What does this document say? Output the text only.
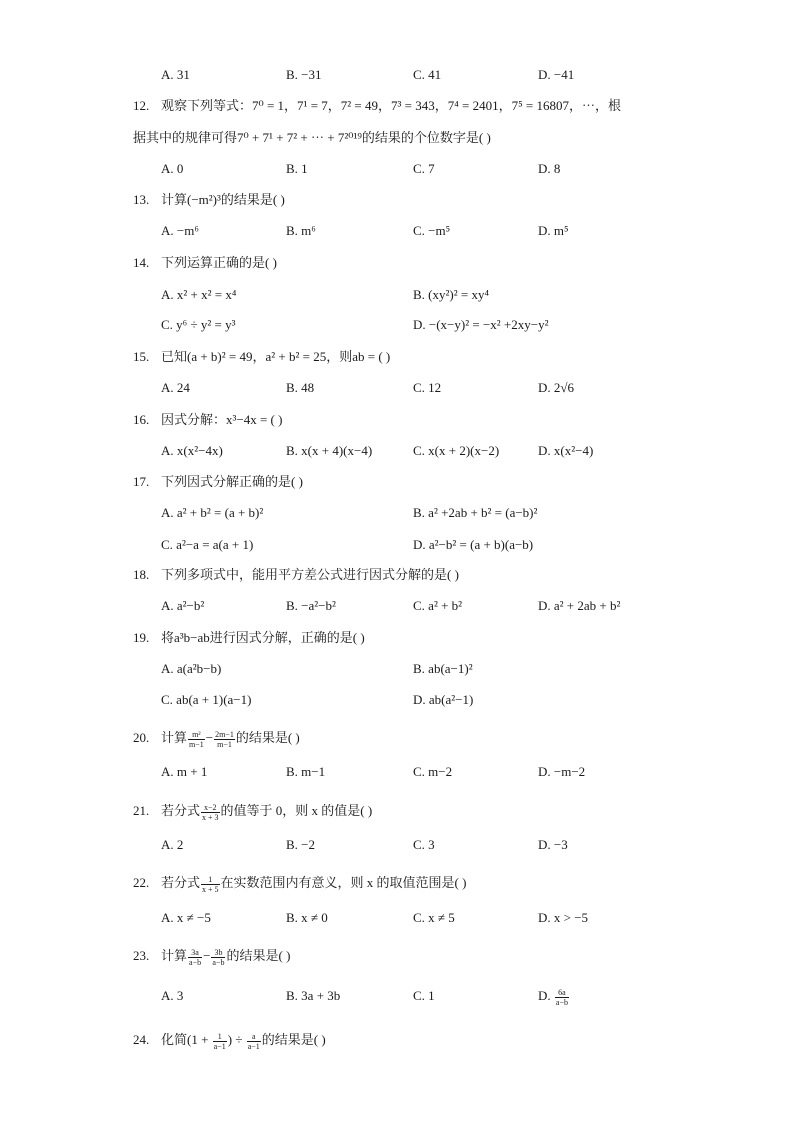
A. 31	B. −31	C. 41	D. −41
12. 观察下列等式：7⁰ = 1，7¹ = 7，7² = 49，7³ = 343，7⁴ = 2401，7⁵ = 16807，⋯，根
据其中的规律可得7⁰ + 7¹ + 7² + ⋯ + 7²⁰¹⁹的结果的个位数字是( )
A. 0	B. 1	C. 7	D. 8
13. 计算(−m²)³的结果是( )
A. −m⁶	B. m⁶	C. −m⁵	D. m⁵
14. 下列运算正确的是( )
A. x² + x² = x⁴	B. (xy²)² = xy⁴
C. y⁶ ÷ y² = y³	D. −(x−y)² = −x² +2xy−y²
15. 已知(a + b)² = 49，a² + b² = 25，则ab = ( )
A. 24	B. 48	C. 12	D. 2√6
16. 因式分解：x³−4x = ( )
A. x(x²−4x)	B. x(x + 4)(x−4)	C. x(x + 2)(x−2)	D. x(x²−4)
17. 下列因式分解正确的是( )
A. a² + b² = (a + b)²	B. a² +2ab + b² = (a−b)²
C. a²−a = a(a + 1)	D. a²−b² = (a + b)(a−b)
18. 下列多项式中，能用平方差公式进行因式分解的是( )
A. a²−b²	B. −a²−b²	C. a² + b²	D. a² + 2ab + b²
19. 将a³b−ab进行因式分解，正确的是( )
A. a(a²b−b)	B. ab(a−1)²
C. ab(a + 1)(a−1)	D. ab(a²−1)
20. 计算 $\frac{\text{m²}}{m-1} - \frac{2m-1}{m-1}$ 的结果是( )
A. m + 1	B. m−1	C. m−2	D. −m−2
21. 若分式 $\frac{x-2}{x + 3}$ 的值等于 0，则 x 的值是( )
A. 2	B. −2	C. 3	D. −3
22. 若分式 $\frac{1}{x + 5}$ 在实数范围内有意义，则 x 的取值范围是( )
A. x ≠ −5	B. x ≠ 0	C. x ≠ 5	D. x > −5
23. 计算 $\frac{3a}{a-b} - \frac{3b}{a-b}$ 的结果是( )
A. 3	B. 3a + 3b	C. 1	D. $\frac{6a}{a-b}$
24. 化简($1 + \frac{1}{a-1}$ ) ÷ $\frac{a}{a-1}$ 的结果是( )
